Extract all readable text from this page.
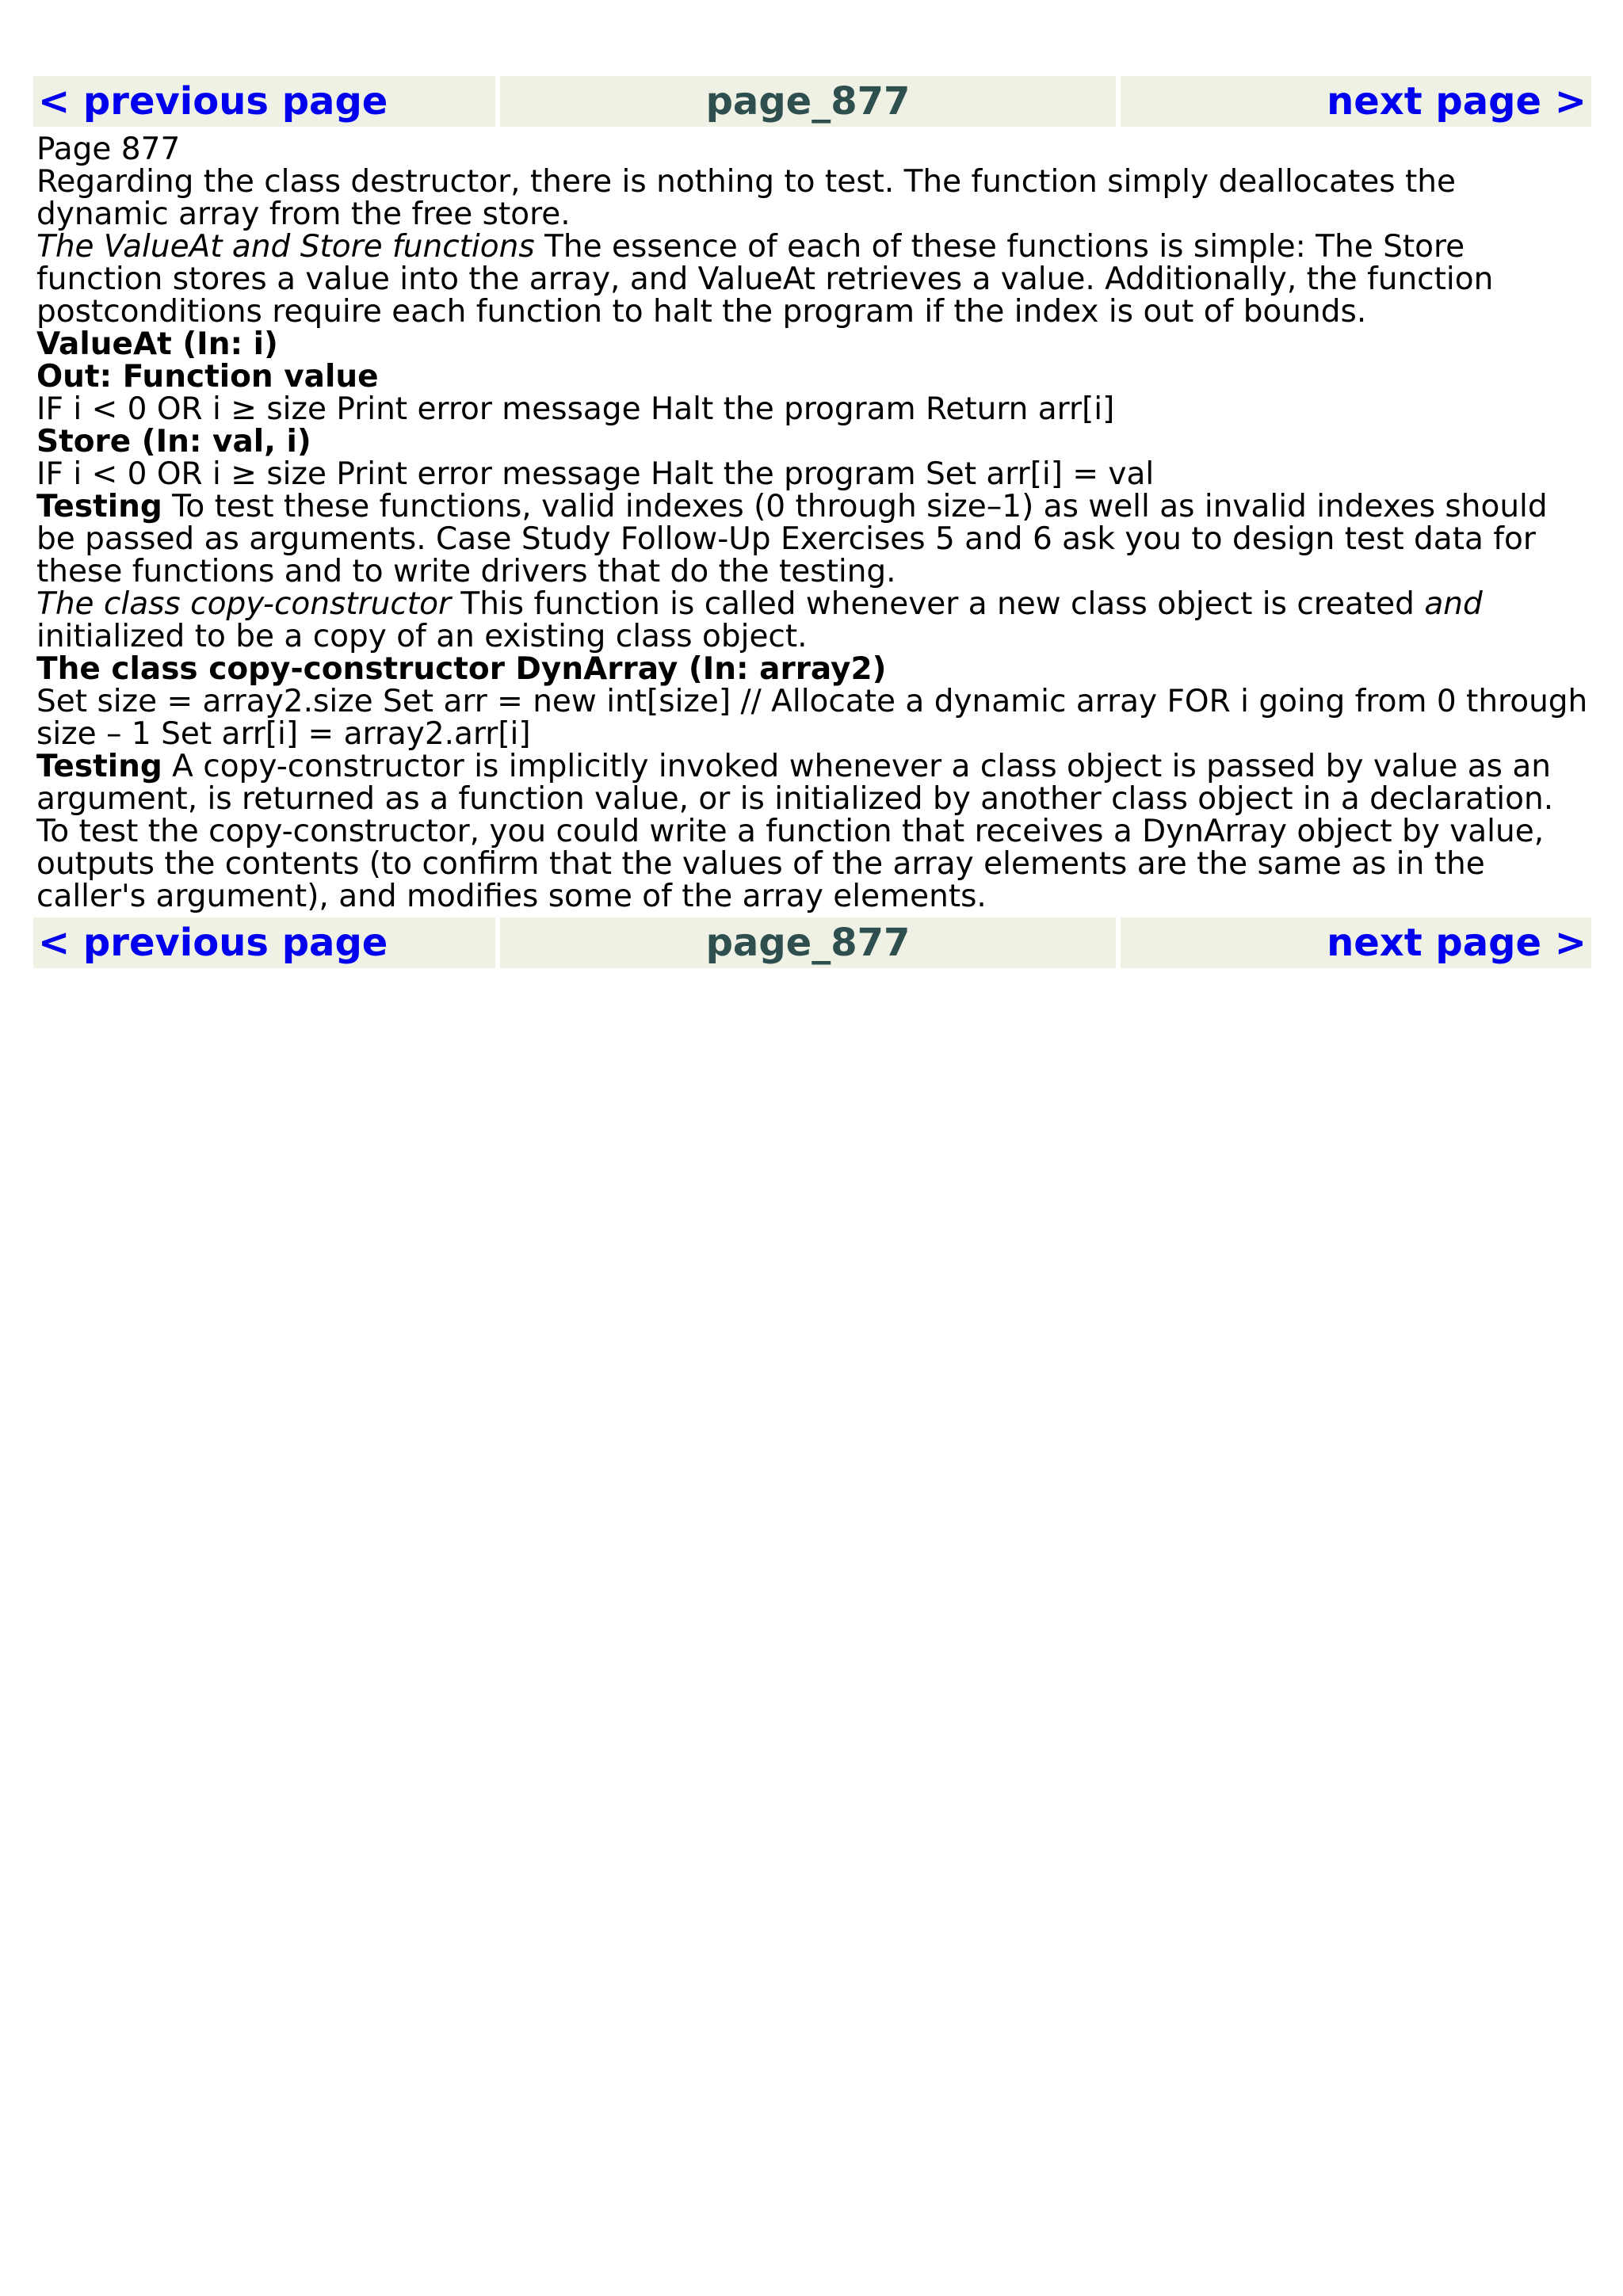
< previous page	page_877	next page >

Page 877

Regarding the class destructor, there is nothing to test. The function simply deallocates the dynamic array from the free store.

The ValueAt and Store functions The essence of each of these functions is simple: The Store function stores a value into the array, and ValueAt retrieves a value. Additionally, the function postconditions require each function to halt the program if the index is out of bounds.

ValueAt (In: i)

Out: Function value

IF i < 0 OR i ≥ size Print error message Halt the program Return arr[i]

Store (In: val, i)

IF i < 0 OR i ≥ size Print error message Halt the program Set arr[i] = val

Testing To test these functions, valid indexes (0 through size–1) as well as invalid indexes should be passed as arguments. Case Study Follow-Up Exercises 5 and 6 ask you to design test data for these functions and to write drivers that do the testing.

The class copy-constructor This function is called whenever a new class object is created and initialized to be a copy of an existing class object.

The class copy-constructor DynArray (In: array2)

Set size = array2.size Set arr = new int[size] // Allocate a dynamic array FOR i going from 0 through size – 1 Set arr[i] = array2.arr[i]

Testing A copy-constructor is implicitly invoked whenever a class object is passed by value as an argument, is returned as a function value, or is initialized by another class object in a declaration. To test the copy-constructor, you could write a function that receives a DynArray object by value, outputs the contents (to confirm that the values of the array elements are the same as in the caller's argument), and modifies some of the array elements.

< previous page	page_877	next page >
